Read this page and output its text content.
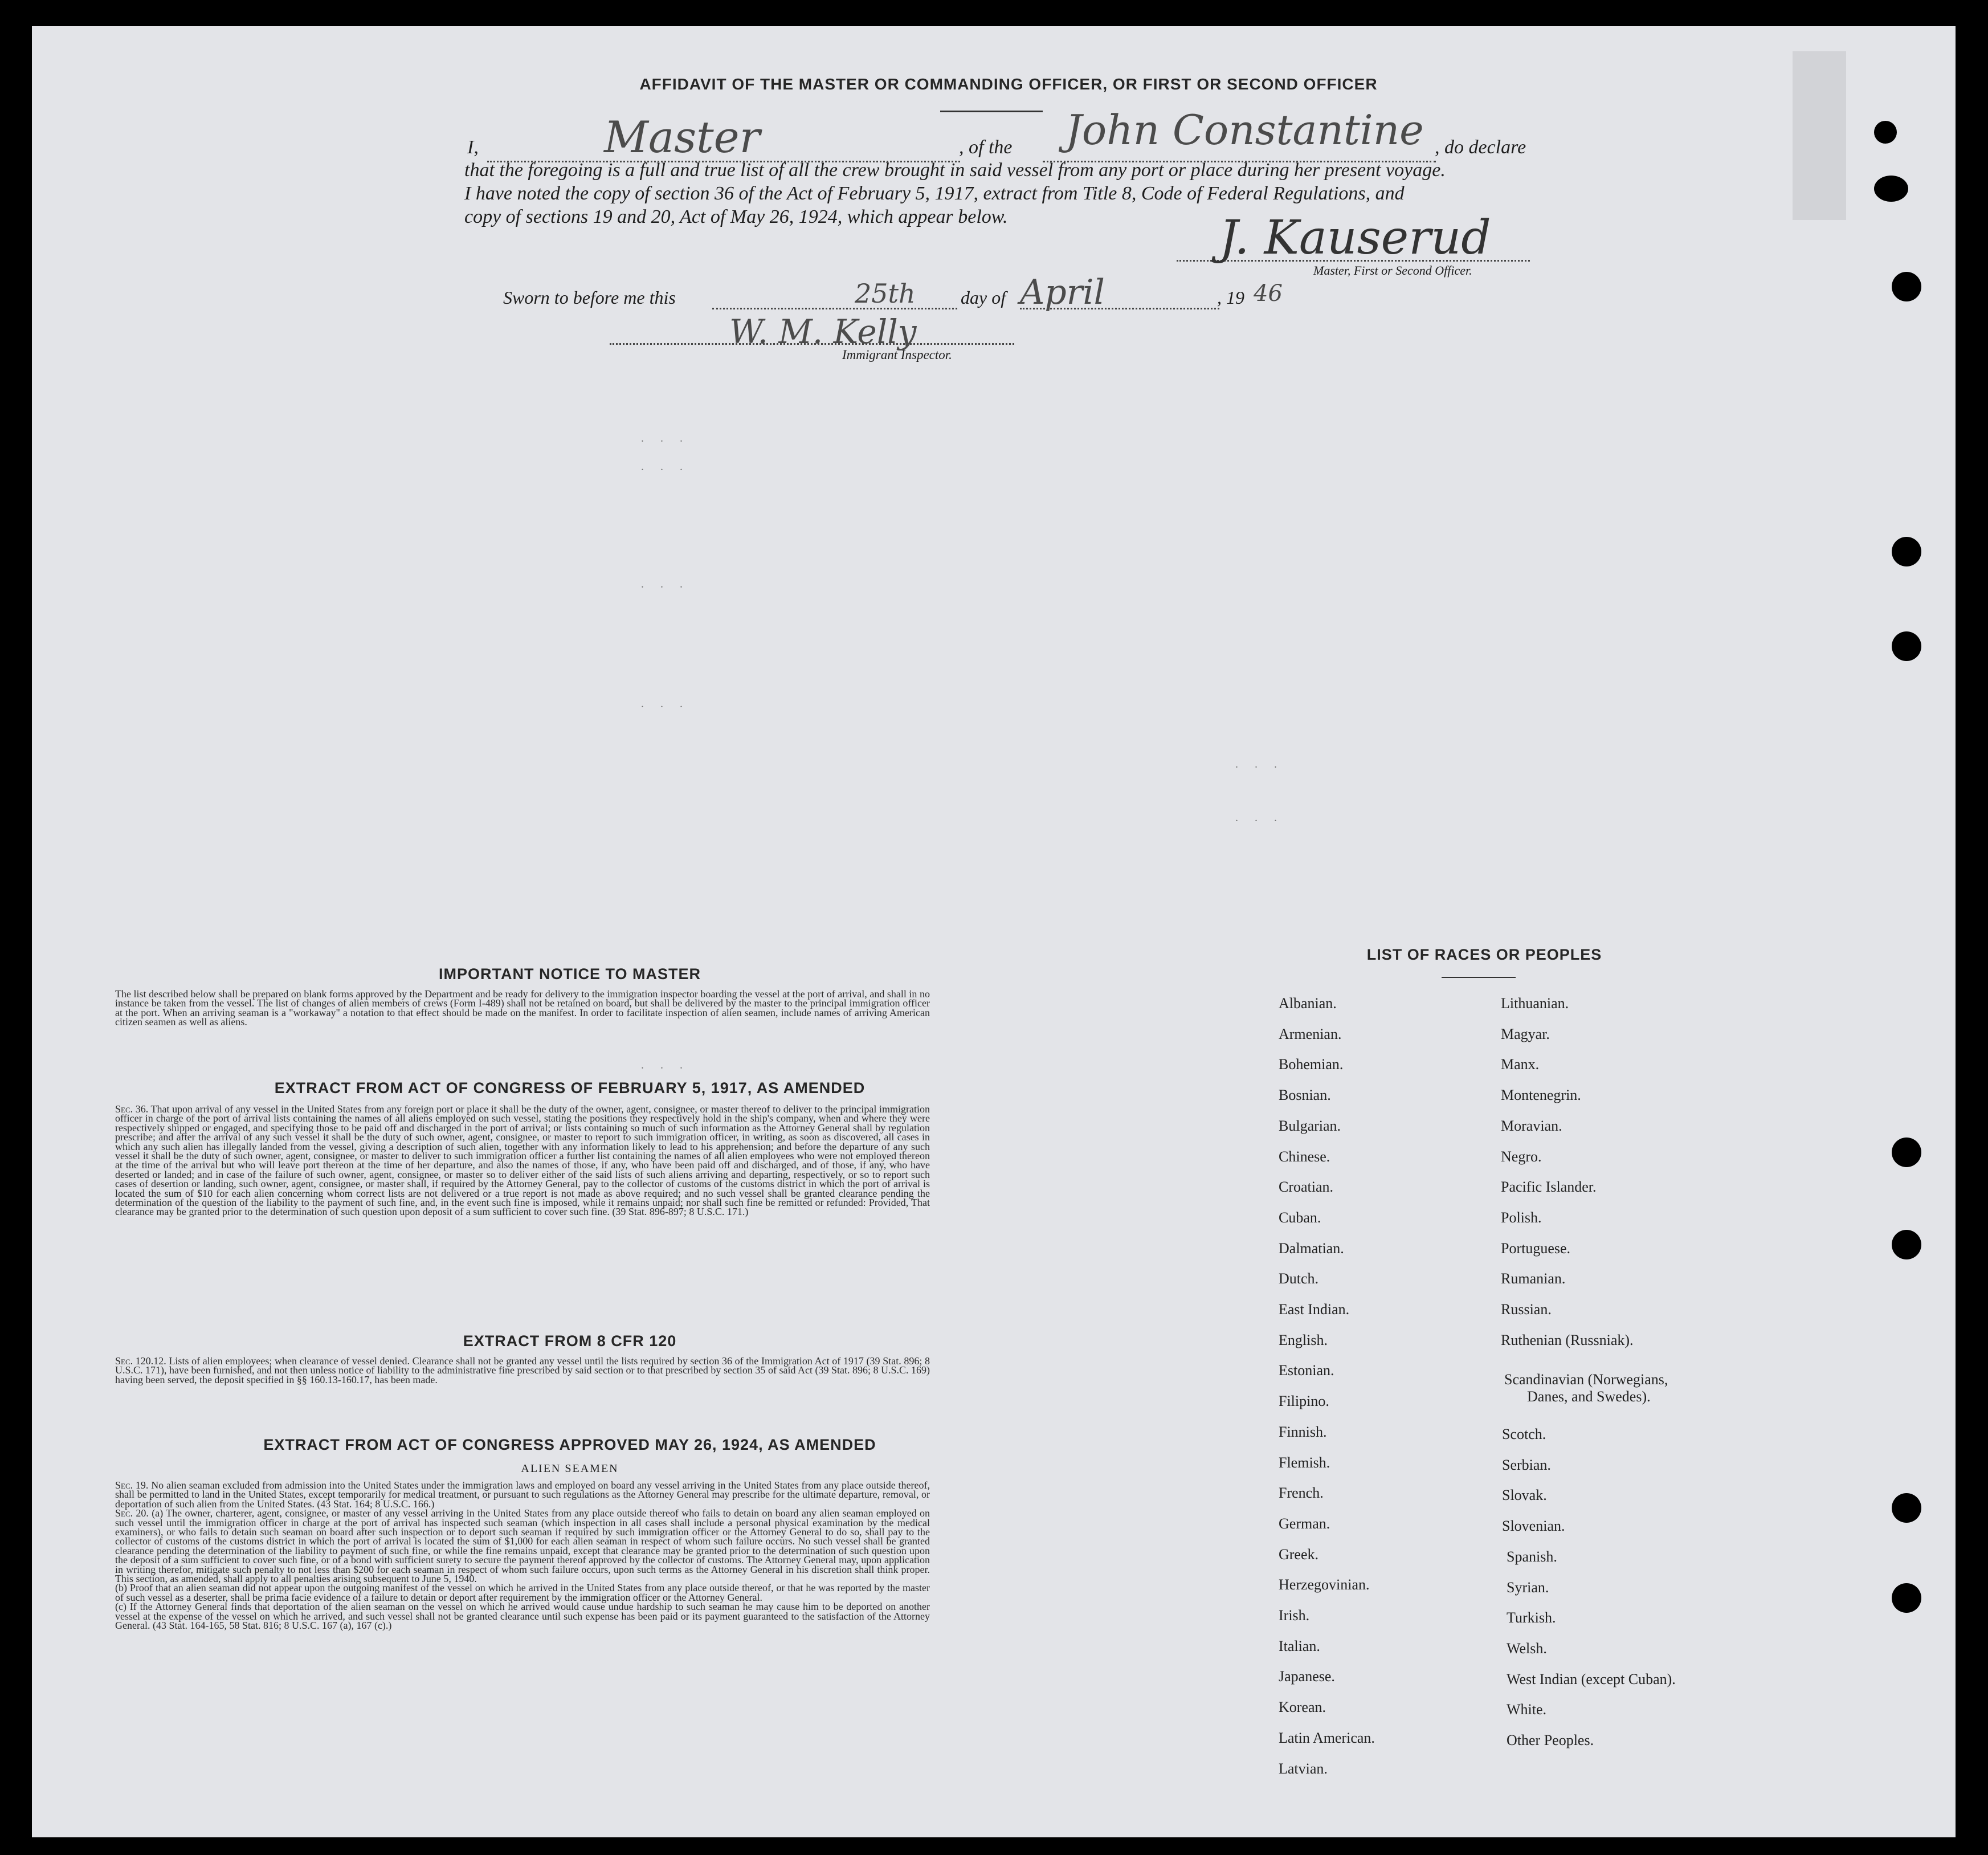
AFFIDAVIT OF THE MASTER OR COMMANDING OFFICER, OR FIRST OR SECOND OFFICER
I,	Master	, of the John Constantine , do declare
that the foregoing is a full and true list of all the crew brought in said vessel from any port or place during her present voyage.
I have noted the copy of section 36 of the Act of February 5, 1917, extract from Title 8, Code of Federal Regulations, and
copy of sections 19 and 20, Act of May 26, 1924, which appear below.	J. Kauserud
Master, First or Second Officer.
Sworn to before me this	25th day of April	, 19 46
W. M. Kelly
Immigrant Inspector.
. . .
. . .
. . .
. . .
. . .
. . .
IMPORTANT NOTICE TO MASTER
The list described below shall be prepared on blank forms approved by the Department and be ready for delivery to the immigration inspector boarding the vessel at the port of arrival, and shall in no instance be taken from the vessel. The list of changes of alien members of crews (Form I-489) shall not be retained on board, but shall be delivered by the master to the principal immigration officer at the port. When an arriving seaman is a "workaway" a notation to that effect should be made on the manifest. In order to facilitate inspection of alien seamen, include names of arriving American citizen seamen as well as aliens.
. . .
EXTRACT FROM ACT OF CONGRESS OF FEBRUARY 5, 1917, AS AMENDED
Sec. 36. That upon arrival of any vessel in the United States from any foreign port or place it shall be the duty of the owner, agent, consignee, or master thereof to deliver to the principal immigration officer in charge of the port of arrival lists containing the names of all aliens employed on such vessel, stating the positions they respectively hold in the ship's company, when and where they were respectively shipped or engaged, and specifying those to be paid off and discharged in the port of arrival; or lists containing so much of such information as the Attorney General shall by regulation prescribe; and after the arrival of any such vessel it shall be the duty of such owner, agent, consignee, or master to report to such immigration officer, in writing, as soon as discovered, all cases in which any such alien has illegally landed from the vessel, giving a description of such alien, together with any information likely to lead to his apprehension; and before the departure of any such vessel it shall be the duty of such owner, agent, consignee, or master to deliver to such immigration officer a further list containing the names of all alien employees who were not employed thereon at the time of the arrival but who will leave port thereon at the time of her departure, and also the names of those, if any, who have been paid off and discharged, and of those, if any, who have deserted or landed; and in case of the failure of such owner, agent, consignee, or master so to deliver either of the said lists of such aliens arriving and departing, respectively, or so to report such cases of desertion or landing, such owner, agent, consignee, or master shall, if required by the Attorney General, pay to the collector of customs of the customs district in which the port of arrival is located the sum of $10 for each alien concerning whom correct lists are not delivered or a true report is not made as above required; and no such vessel shall be granted clearance pending the determination of the question of the liability to the payment of such fine, and, in the event such fine is imposed, while it remains unpaid; nor shall such fine be remitted or refunded: Provided, That clearance may be granted prior to the determination of such question upon deposit of a sum sufficient to cover such fine. (39 Stat. 896-897; 8 U.S.C. 171.)
EXTRACT FROM 8 CFR 120
Sec. 120.12. Lists of alien employees; when clearance of vessel denied. Clearance shall not be granted any vessel until the lists required by section 36 of the Immigration Act of 1917 (39 Stat. 896; 8 U.S.C. 171), have been furnished, and not then unless notice of liability to the administrative fine prescribed by said section or to that prescribed by section 35 of said Act (39 Stat. 896; 8 U.S.C. 169) having been served, the deposit specified in §§ 160.13-160.17, has been made.
EXTRACT FROM ACT OF CONGRESS APPROVED MAY 26, 1924, AS AMENDED
ALIEN SEAMEN
Sec. 19. No alien seaman excluded from admission into the United States under the immigration laws and employed on board any vessel arriving in the United States from any place outside thereof, shall be permitted to land in the United States, except temporarily for medical treatment, or pursuant to such regulations as the Attorney General may prescribe for the ultimate departure, removal, or deportation of such alien from the United States. (43 Stat. 164; 8 U.S.C. 166.)
Sec. 20. (a) The owner, charterer, agent, consignee, or master of any vessel arriving in the United States from any place outside thereof who fails to detain on board any alien seaman employed on such vessel until the immigration officer in charge at the port of arrival has inspected such seaman (which inspection in all cases shall include a personal physical examination by the medical examiners), or who fails to detain such seaman on board after such inspection or to deport such seaman if required by such immigration officer or the Attorney General to do so, shall pay to the collector of customs of the customs district in which the port of arrival is located the sum of $1,000 for each alien seaman in respect of whom such failure occurs. No such vessel shall be granted clearance pending the determination of the liability to payment of such fine, or while the fine remains unpaid, except that clearance may be granted prior to the determination of such question upon the deposit of a sum sufficient to cover such fine, or of a bond with sufficient surety to secure the payment thereof approved by the collector of customs. The Attorney General may, upon application in writing therefor, mitigate such penalty to not less than $200 for each seaman in respect of whom such failure occurs, upon such terms as the Attorney General in his discretion shall think proper. This section, as amended, shall apply to all penalties arising subsequent to June 5, 1940.
(b) Proof that an alien seaman did not appear upon the outgoing manifest of the vessel on which he arrived in the United States from any place outside thereof, or that he was reported by the master of such vessel as a deserter, shall be prima facie evidence of a failure to detain or deport after requirement by the immigration officer or the Attorney General.
(c) If the Attorney General finds that deportation of the alien seaman on the vessel on which he arrived would cause undue hardship to such seaman he may cause him to be deported on another vessel at the expense of the vessel on which he arrived, and such vessel shall not be granted clearance until such expense has been paid or its payment guaranteed to the satisfaction of the Attorney General. (43 Stat. 164-165, 58 Stat. 816; 8 U.S.C. 167 (a), 167 (c).)
LIST OF RACES OR PEOPLES
Albanian.
Armenian.
Bohemian.
Bosnian.
Bulgarian.
Chinese.
Croatian.
Cuban.
Dalmatian.
Dutch.
East Indian.
English.
Estonian.
Filipino.
Finnish.
Flemish.
French.
German.
Greek.
Herzegovinian.
Irish.
Italian.
Japanese.
Korean.
Latin American.
Latvian.
Lithuanian.
Magyar.
Manx.
Montenegrin.
Moravian.
Negro.
Pacific Islander.
Polish.
Portuguese.
Rumanian.
Russian.
Ruthenian (Russniak).
Scotch.
Serbian.
Slovak.
Slovenian.
Spanish.
Syrian.
Turkish.
Welsh.
West Indian (except Cuban).
White.
Other Peoples.
Scandinavian (Norwegians,
Danes, and Swedes).
